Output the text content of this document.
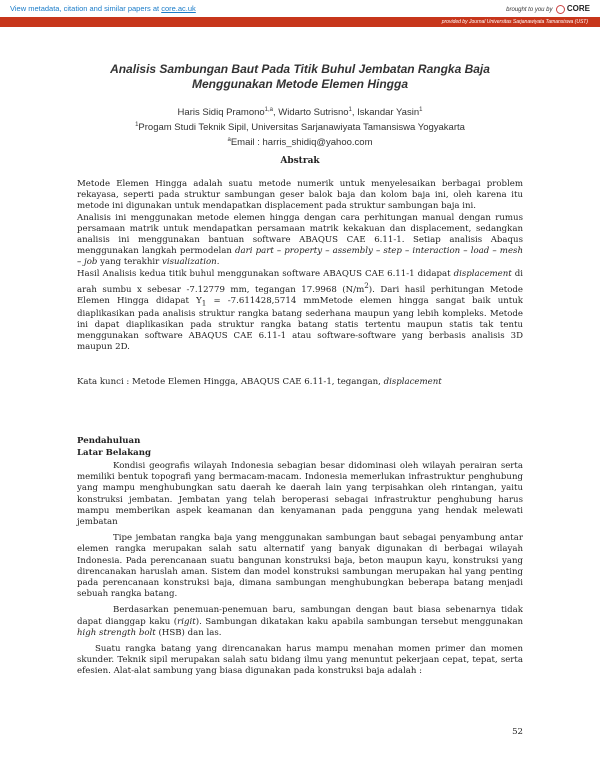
View metadata, citation and similar papers at core.ac.uk	brought to you by CORE
provided by Journal Universitas Sarjanawiyata Tamansiswa (UST)
Analisis Sambungan Baut Pada Titik Buhul Jembatan Rangka Baja
Menggunakan Metode Elemen Hingga
Haris Sidiq Pramono$^{1,a}$, Widarto Sutrisno$^1$, Iskandar Yasin$^1$
$^1$Progam Studi Teknik Sipil, Universitas Sarjanawiyata Tamansiswa Yogyakarta
$^a$Email : harris_shidiq@yahoo.com
Abstrak

Metode Elemen Hingga adalah suatu metode numerik untuk menyelesaikan berbagai problem rekayasa, seperti pada struktur sambungan geser balok baja dan kolom baja ini, oleh karena itu metode ini digunakan untuk mendapatkan displacement pada struktur sambungan baja ini.

Analisis ini menggunakan metode elemen hingga dengan cara perhitungan manual dengan rumus persamaan matrik untuk mendapatkan persamaan matrik kekakuan dan displacement, sedangkan analisis ini menggunakan bantuan software ABAQUS CAE 6.11-1. Setiap analisis Abaqus menggunakan langkah permodelan dari part – property – assembly – step – interaction – load – mesh – job yang terakhir visualization.

Hasil Analisis kedua titik buhul menggunakan software ABAQUS CAE 6.11-1 didapat displacement di arah sumbu x sebesar -7.12779 mm, tegangan 17.9968 $(N/m^2)$. Dari hasil perhitungan Metode Elemen Hingga didapat $Y_1 = -7.611428,5714$ mmMetode elemen hingga sangat baik untuk diaplikasikan pada analisis struktur rangka batang sederhana maupun yang lebih kompleks. Metode ini dapat diaplikasikan pada struktur rangka batang statis tertentu maupun statis tak tentu menggunakan software ABAQUS CAE 6.11-1 atau software-software yang berbasis analisis 3D maupun 2D.

Kata kunci : Metode Elemen Hingga, ABAQUS CAE 6.11-1, tegangan, displacement
Pendahuluan
Latar Belakang

Kondisi geografis wilayah Indonesia sebagian besar didominasi oleh wilayah perairan serta memiliki bentuk topografi yang bermacam-macam. Indonesia memerlukan infrastruktur penghubung yang mampu menghubungkan satu daerah ke daerah lain yang terpisahkan oleh rintangan, yaitu konstruksi jembatan. Jembatan yang telah beroperasi sebagai infrastruktur penghubung harus mampu memberikan aspek keamanan dan kenyamanan pada pengguna yang hendak melewati jembatan

Tipe jembatan rangka baja yang menggunakan sambungan baut sebagai penyambung antar elemen rangka merupakan salah satu alternatif yang banyak digunakan di berbagai wilayah Indonesia. Pada perencanaan suatu bangunan konstruksi baja, beton maupun kayu, konstruksi yang direncanakan haruslah aman. Sistem dan model konstruksi sambungan merupakan hal yang penting pada perencanaan konstruksi baja, dimana sambungan menghubungkan beberapa batang menjadi sebuah rangka batang.

Berdasarkan penemuan-penemuan baru, sambungan dengan baut biasa sebenarnya tidak dapat dianggap kaku (rigit). Sambungan dikatakan kaku apabila sambungan tersebut menggunakan high strength bolt (HSB) dan las.

Suatu rangka batang yang direncanakan harus mampu menahan momen primer dan momen skunder. Teknik sipil merupakan salah satu bidang ilmu yang menuntut pekerjaan cepat, tepat, serta efesien. Alat-alat sambung yang biasa digunakan pada konstruksi baja adalah :

52
